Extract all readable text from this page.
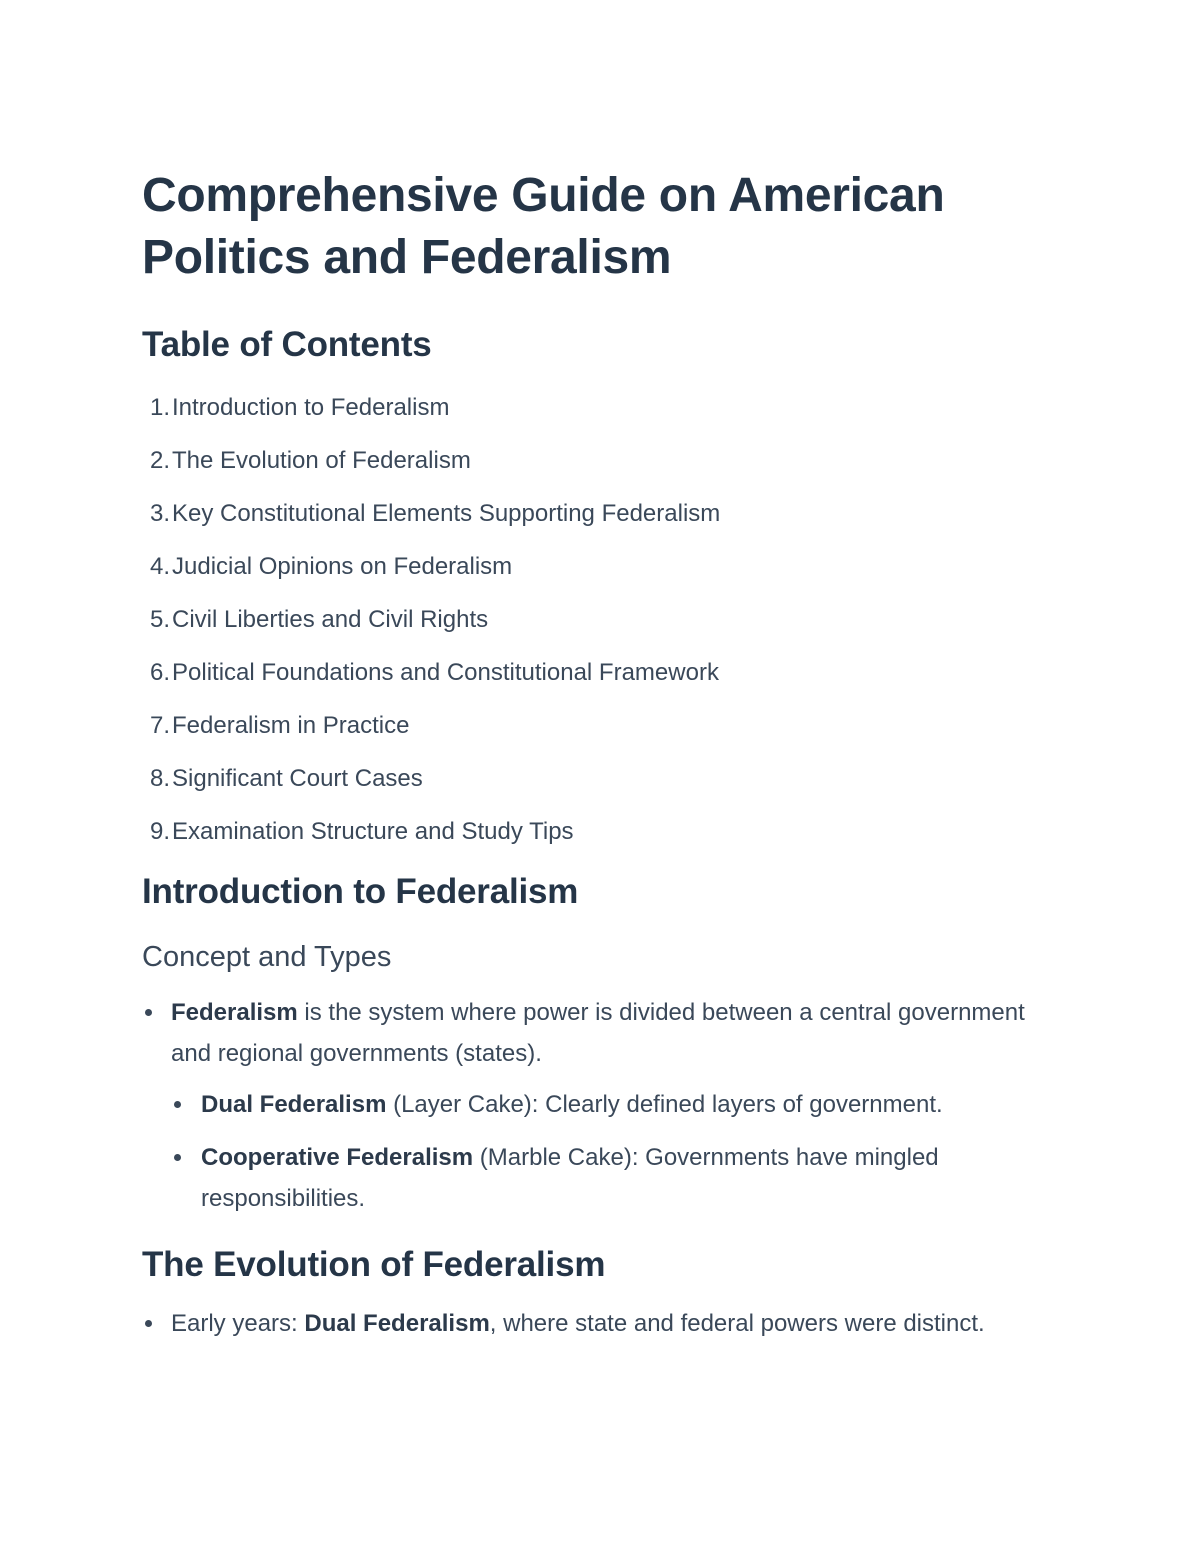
Comprehensive Guide on American Politics and Federalism
Table of Contents
1.Introduction to Federalism
2.The Evolution of Federalism
3.Key Constitutional Elements Supporting Federalism
4.Judicial Opinions on Federalism
5.Civil Liberties and Civil Rights
6.Political Foundations and Constitutional Framework
7.Federalism in Practice
8.Significant Court Cases
9.Examination Structure and Study Tips
Introduction to Federalism
Concept and Types
Federalism is the system where power is divided between a central government and regional governments (states).
Dual Federalism (Layer Cake): Clearly defined layers of government.
Cooperative Federalism (Marble Cake): Governments have mingled responsibilities.
The Evolution of Federalism
Early years: Dual Federalism, where state and federal powers were distinct.
